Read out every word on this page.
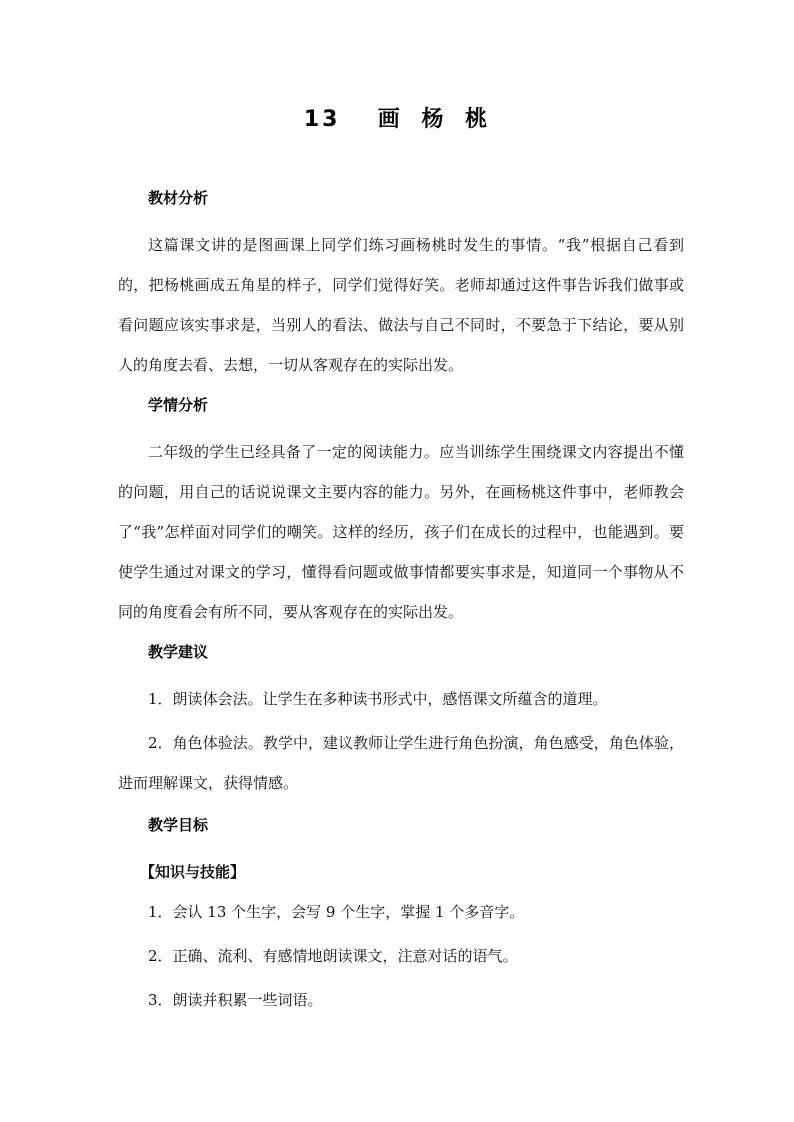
13  画 杨 桃
教材分析
这篇课文讲的是图画课上同学们练习画杨桃时发生的事情。“我”根据自己看到的，把杨桃画成五角星的样子，同学们觉得好笑。老师却通过这件事告诉我们做事或看问题应该实事求是，当别人的看法、做法与自己不同时，不要急于下结论，要从别人的角度去看、去想，一切从客观存在的实际出发。
学情分析
二年级的学生已经具备了一定的阅读能力。应当训练学生围绕课文内容提出不懂的问题，用自己的话说说课文主要内容的能力。另外，在画杨桃这件事中，老师教会了“我”怎样面对同学们的嘲笑。这样的经历，孩子们在成长的过程中，也能遇到。要使学生通过对课文的学习，懂得看问题或做事情都要实事求是，知道同一个事物从不同的角度看会有所不同，要从客观存在的实际出发。
教学建议
1．朗读体会法。让学生在多种读书形式中，感悟课文所蕴含的道理。
2．角色体验法。教学中，建议教师让学生进行角色扮演，角色感受，角色体验，进而理解课文，获得情感。
教学目标
【知识与技能】
1．会认 13 个生字，会写 9 个生字，掌握 1 个多音字。
2．正确、流利、有感情地朗读课文，注意对话的语气。
3．朗读并积累一些词语。
